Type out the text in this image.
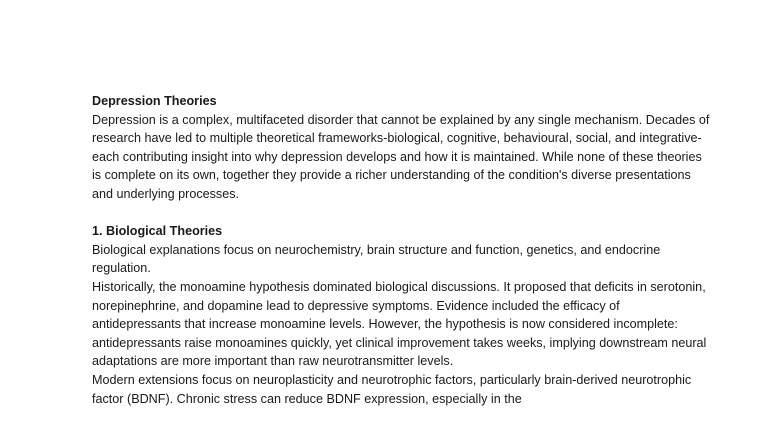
Depression Theories

Depression is a complex, multifaceted disorder that cannot be explained by any single mechanism. Decades of research have led to multiple theoretical frameworks-biological, cognitive, behavioural, social, and integrative-each contributing insight into why depression develops and how it is maintained. While none of these theories is complete on its own, together they provide a richer understanding of the condition's diverse presentations and underlying processes.

1. Biological Theories

Biological explanations focus on neurochemistry, brain structure and function, genetics, and endocrine regulation.

Historically, the monoamine hypothesis dominated biological discussions. It proposed that deficits in serotonin, norepinephrine, and dopamine lead to depressive symptoms. Evidence included the efficacy of antidepressants that increase monoamine levels. However, the hypothesis is now considered incomplete: antidepressants raise monoamines quickly, yet clinical improvement takes weeks, implying downstream neural adaptations are more important than raw neurotransmitter levels.

Modern extensions focus on neuroplasticity and neurotrophic factors, particularly brain-derived neurotrophic factor (BDNF). Chronic stress can reduce BDNF expression, especially in the
